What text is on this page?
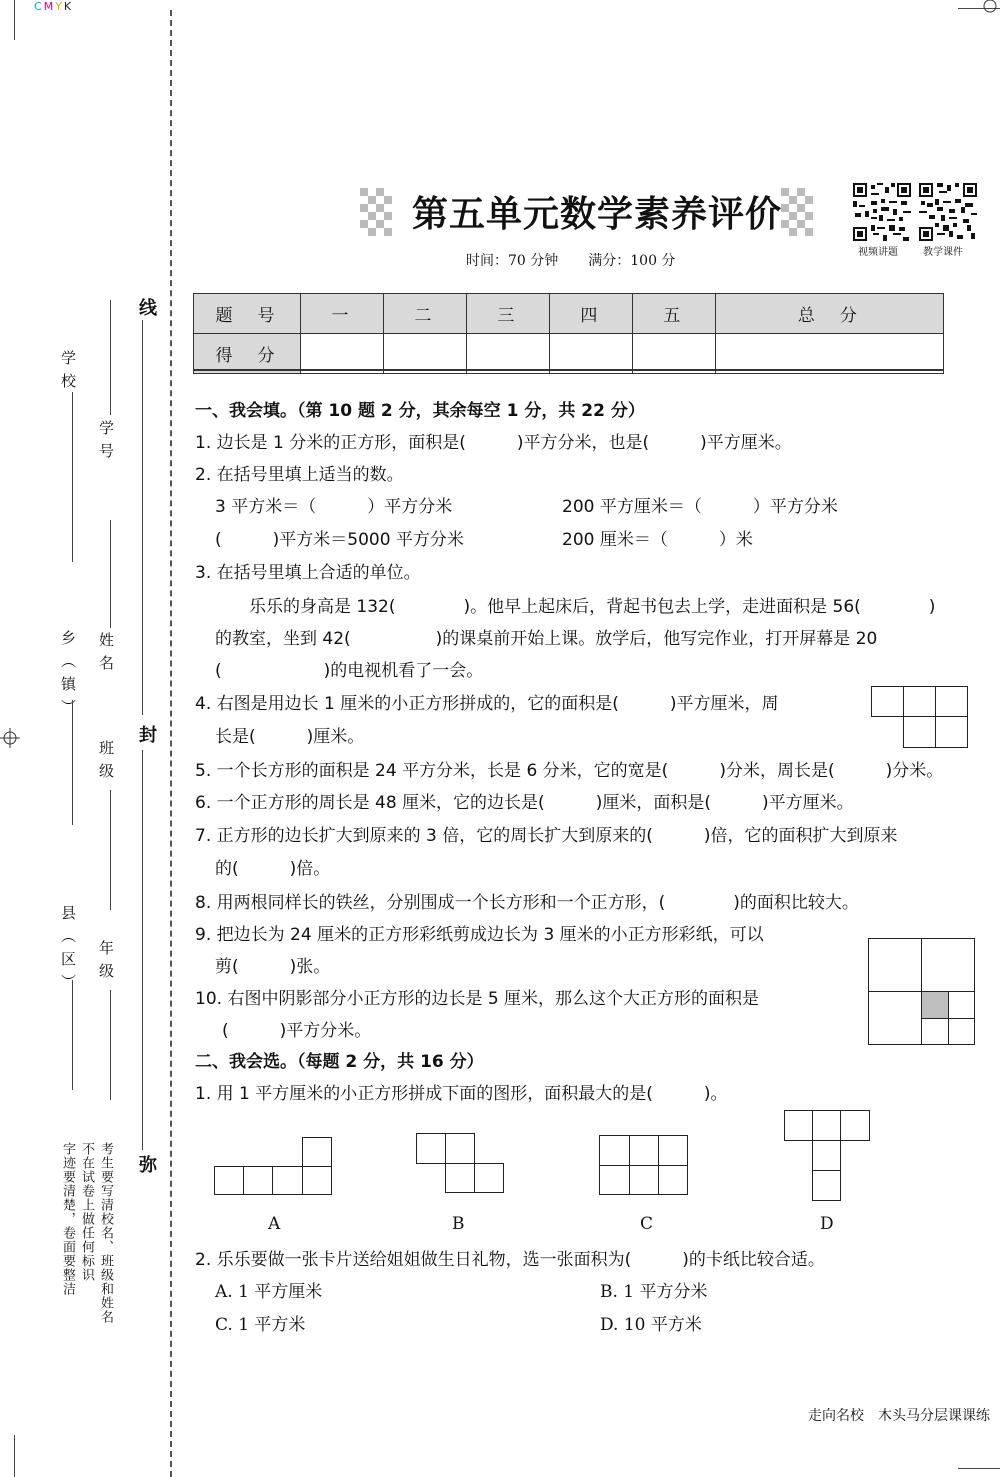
CMYK
线
封
弥
学校
学号
乡（镇） 姓名
班级
县（区） 年级
考生要写清校名、班级和姓名
不在试卷上做任何标识
字迹要清楚，卷面要整洁
第五单元数学素养评价
时间：70 分钟 满分：100 分
视频讲题	教学课件
题　号	一	二	三	四	五	总　分
得　分						
一、我会填。（第 10 题 2 分，其余每空 1 分，共 22 分）
1. 边长是 1 分米的正方形，面积是(　　　)平方分米，也是(　　　)平方厘米。
2. 在括号里填上适当的数。
3 平方米＝（　　　）平方分米	200 平方厘米＝（　　　）平方分米
(　　　)平方米＝5000 平方分米	200 厘米＝（　　　）米
3. 在括号里填上合适的单位。
　　乐乐的身高是 132(　　　　)。他早上起床后，背起书包去上学，走进面积是 56(　　　　)
的教室，坐到 42(　　　　　)的课桌前开始上课。放学后，他写完作业，打开屏幕是 20
(　　　　　　)的电视机看了一会。
4. 右图是用边长 1 厘米的小正方形拼成的，它的面积是(　　　)平方厘米，周
长是(　　　)厘米。
5. 一个长方形的面积是 24 平方分米，长是 6 分米，它的宽是(　　　)分米，周长是(　　　)分米。
6. 一个正方形的周长是 48 厘米，它的边长是(　　　)厘米，面积是(　　　)平方厘米。
7. 正方形的边长扩大到原来的 3 倍，它的周长扩大到原来的(　　　)倍，它的面积扩大到原来
的(　　　)倍。
8. 用两根同样长的铁丝，分别围成一个长方形和一个正方形，(　　　　)的面积比较大。
9. 把边长为 24 厘米的正方形彩纸剪成边长为 3 厘米的小正方形彩纸，可以
剪(　　　)张。
10. 右图中阴影部分小正方形的边长是 5 厘米，那么这个大正方形的面积是
(　　　)平方分米。
二、我会选。（每题 2 分，共 16 分）
1. 用 1 平方厘米的小正方形拼成下面的图形，面积最大的是(　　　)。
A	B	C	D
2. 乐乐要做一张卡片送给姐姐做生日礼物，选一张面积为(　　　)的卡纸比较合适。
A. 1 平方厘米	B. 1 平方分米
C. 1 平方米	D. 10 平方米
走向名校　木头马分层课课练
